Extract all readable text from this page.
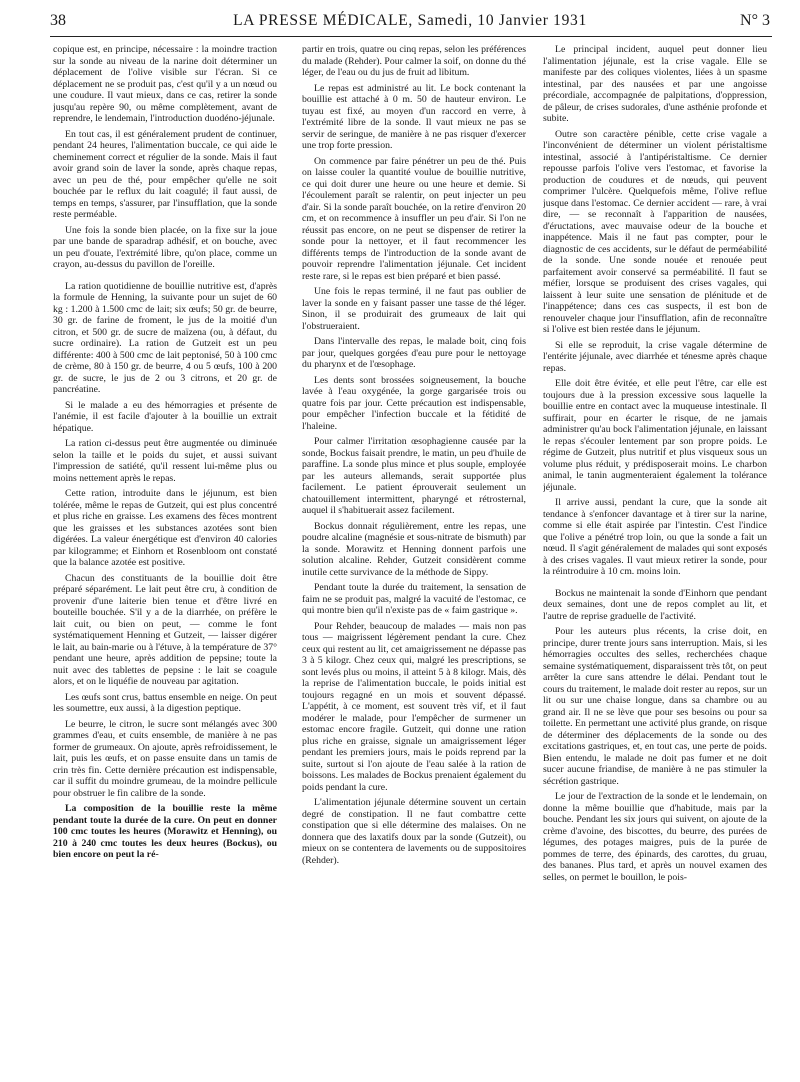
38	LA PRESSE MÉDICALE, Samedi, 10 Janvier 1931	N° 3

copique est, en principe, nécessaire : la moindre traction sur la sonde au niveau de la narine doit déterminer un déplacement de l'olive visible sur l'écran. Si ce déplacement ne se produit pas, c'est qu'il y a un nœud ou une coudure. Il vaut mieux, dans ce cas, retirer la sonde jusqu'au repère 90, ou même complètement, avant de reprendre, le lendemain, l'introduction duodéno-jéjunale.

En tout cas, il est généralement prudent de continuer, pendant 24 heures, l'alimentation buccale, ce qui aide le cheminement correct et régulier de la sonde. Mais il faut avoir grand soin de laver la sonde, après chaque repas, avec un peu de thé, pour empêcher qu'elle ne soit bouchée par le reflux du lait coagulé; il faut aussi, de temps en temps, s'assurer, par l'insufflation, que la sonde reste perméable.

Une fois la sonde bien placée, on la fixe sur la joue par une bande de sparadrap adhésif, et on bouche, avec un peu d'ouate, l'extrémité libre, qu'on place, comme un crayon, au-dessus du pavillon de l'oreille.

La ration quotidienne de bouillie nutritive est, d'après la formule de Henning, la suivante pour un sujet de 60 kg : 1.200 à 1.500 cmc de lait; six œufs; 50 gr. de beurre, 30 gr. de farine de froment, le jus de la moitié d'un citron, et 500 gr. de sucre de maïzena (ou, à défaut, du sucre ordinaire). La ration de Gutzeit est un peu différente: 400 à 500 cmc de lait peptonisé, 50 à 100 cmc de crème, 80 à 150 gr. de beurre, 4 ou 5 œufs, 100 à 200 gr. de sucre, le jus de 2 ou 3 citrons, et 20 gr. de pancréatine.

Si le malade a eu des hémorragies et présente de l'anémie, il est facile d'ajouter à la bouillie un extrait hépatique.

La ration ci-dessus peut être augmentée ou diminuée selon la taille et le poids du sujet, et aussi suivant l'impression de satiété, qu'il ressent lui-même plus ou moins nettement après le repas.

Cette ration, introduite dans le jéjunum, est bien tolérée, même le repas de Gutzeit, qui est plus concentré et plus riche en graisse. Les examens des fèces montrent que les graisses et les substances azotées sont bien digérées. La valeur énergétique est d'environ 40 calories par kilogramme; et Einhorn et Rosenbloom ont constaté que la balance azotée est positive.

Chacun des constituants de la bouillie doit être préparé séparément. Le lait peut être cru, à condition de provenir d'une laiterie bien tenue et d'être livré en bouteille bouchée. S'il y a de la diarrhée, on préfère le lait cuit, ou bien on peut, — comme le font systématiquement Henning et Gutzeit, — laisser digérer le lait, au bain-marie ou à l'étuve, à la température de 37° pendant une heure, après addition de pepsine; toute la nuit avec des tablettes de pepsine : le lait se coagule alors, et on le liquéfie de nouveau par agitation.

Les œufs sont crus, battus ensemble en neige. On peut les soumettre, eux aussi, à la digestion peptique.

Le beurre, le citron, le sucre sont mélangés avec 300 grammes d'eau, et cuits ensemble, de manière à ne pas former de grumeaux. On ajoute, après refroidissement, le lait, puis les œufs, et on passe ensuite dans un tamis de crin très fin. Cette dernière précaution est indispensable, car il suffit du moindre grumeau, de la moindre pellicule pour obstruer le fin calibre de la sonde.

La composition de la bouillie reste la même pendant toute la durée de la cure. On peut en donner 100 cmc toutes les heures (Morawitz et Henning), ou 210 à 240 cmc toutes les deux heures (Bockus), ou bien encore on peut la ré-

partir en trois, quatre ou cinq repas, selon les préférences du malade (Rehder). Pour calmer la soif, on donne du thé léger, de l'eau ou du jus de fruit ad libitum.

Le repas est administré au lit. Le bock contenant la bouillie est attaché à 0 m. 50 de hauteur environ. Le tuyau est fixé, au moyen d'un raccord en verre, à l'extrémité libre de la sonde. Il vaut mieux ne pas se servir de seringue, de manière à ne pas risquer d'exercer une trop forte pression.

On commence par faire pénétrer un peu de thé. Puis on laisse couler la quantité voulue de bouillie nutritive, ce qui doit durer une heure ou une heure et demie. Si l'écoulement paraît se ralentir, on peut injecter un peu d'air. Si la sonde paraît bouchée, on la retire d'environ 20 cm, et on recommence à insuffler un peu d'air. Si l'on ne réussit pas encore, on ne peut se dispenser de retirer la sonde pour la nettoyer, et il faut recommencer les différents temps de l'introduction de la sonde avant de pouvoir reprendre l'alimentation jéjunale. Cet incident reste rare, si le repas est bien préparé et bien passé.

Une fois le repas terminé, il ne faut pas oublier de laver la sonde en y faisant passer une tasse de thé léger. Sinon, il se produirait des grumeaux de lait qui l'obstrueraient.

Dans l'intervalle des repas, le malade boit, cinq fois par jour, quelques gorgées d'eau pure pour le nettoyage du pharynx et de l'œsophage.

Les dents sont brossées soigneusement, la bouche lavée à l'eau oxygénée, la gorge gargarisée trois ou quatre fois par jour. Cette précaution est indispensable, pour empêcher l'infection buccale et la fétidité de l'haleine.

Pour calmer l'irritation œsophagienne causée par la sonde, Bockus faisait prendre, le matin, un peu d'huile de paraffine. La sonde plus mince et plus souple, employée par les auteurs allemands, serait supportée plus facilement. Le patient éprouverait seulement un chatouillement intermittent, pharyngé et rétrosternal, auquel il s'habituerait assez facilement.

Bockus donnait régulièrement, entre les repas, une poudre alcaline (magnésie et sous-nitrate de bismuth) par la sonde. Morawitz et Henning donnent parfois une solution alcaline. Rehder, Gutzeit considèrent comme inutile cette survivance de la méthode de Sippy.

Pendant toute la durée du traitement, la sensation de faim ne se produit pas, malgré la vacuité de l'estomac, ce qui montre bien qu'il n'existe pas de « faim gastrique ».

Pour Rehder, beaucoup de malades — mais non pas tous — maigrissent légèrement pendant la cure. Chez ceux qui restent au lit, cet amaigrissement ne dépasse pas 3 à 5 kilogr. Chez ceux qui, malgré les prescriptions, se sont levés plus ou moins, il atteint 5 à 8 kilogr. Mais, dès la reprise de l'alimentation buccale, le poids initial est toujours regagné en un mois et souvent dépassé. L'appétit, à ce moment, est souvent très vif, et il faut modérer le malade, pour l'empêcher de surmener un estomac encore fragile. Gutzeit, qui donne une ration plus riche en graisse, signale un amaigrissement léger pendant les premiers jours, mais le poids reprend par la suite, surtout si l'on ajoute de l'eau salée à la ration de boissons. Les malades de Bockus prenaient également du poids pendant la cure.

L'alimentation jéjunale détermine souvent un certain degré de constipation. Il ne faut combattre cette constipation que si elle détermine des malaises. On ne donnera que des laxatifs doux par la sonde (Gutzeit), ou mieux on se contentera de lavements ou de suppositoires (Rehder).

Le principal incident, auquel peut donner lieu l'alimentation jéjunale, est la crise vagale. Elle se manifeste par des coliques violentes, liées à un spasme intestinal, par des nausées et par une angoisse précordiale, accompagnée de palpitations, d'oppression, de pâleur, de crises sudorales, d'une asthénie profonde et subite.

Outre son caractère pénible, cette crise vagale a l'inconvénient de déterminer un violent péristaltisme intestinal, associé à l'antipéristaltisme. Ce dernier repousse parfois l'olive vers l'estomac, et favorise la production de coudures et de nœuds, qui peuvent comprimer l'ulcère. Quelquefois même, l'olive reflue jusque dans l'estomac. Ce dernier accident — rare, à vrai dire, — se reconnaît à l'apparition de nausées, d'éructations, avec mauvaise odeur de la bouche et inappétence. Mais il ne faut pas compter, pour le diagnostic de ces accidents, sur le défaut de perméabilité de la sonde. Une sonde nouée et renouée peut parfaitement avoir conservé sa perméabilité. Il faut se méfier, lorsque se produisent des crises vagales, qui laissent à leur suite une sensation de plénitude et de l'inappétence; dans ces cas suspects, il est bon de renouveler chaque jour l'insufflation, afin de reconnaître si l'olive est bien restée dans le jéjunum.

Si elle se reproduit, la crise vagale détermine de l'entérite jéjunale, avec diarrhée et ténesme après chaque repas.

Elle doit être évitée, et elle peut l'être, car elle est toujours due à la pression excessive sous laquelle la bouillie entre en contact avec la muqueuse intestinale. Il suffirait, pour en écarter le risque, de ne jamais administrer qu'au bock l'alimentation jéjunale, en laissant le repas s'écouler lentement par son propre poids. Le régime de Gutzeit, plus nutritif et plus visqueux sous un volume plus réduit, y prédisposerait moins. Le charbon animal, le tanin augmenteraient également la tolérance jéjunale.

Il arrive aussi, pendant la cure, que la sonde ait tendance à s'enfoncer davantage et à tirer sur la narine, comme si elle était aspirée par l'intestin. C'est l'indice que l'olive a pénétré trop loin, ou que la sonde a fait un nœud. Il s'agit généralement de malades qui sont exposés à des crises vagales. Il vaut mieux retirer la sonde, pour la réintroduire à 10 cm. moins loin.

Bockus ne maintenait la sonde d'Einhorn que pendant deux semaines, dont une de repos complet au lit, et l'autre de reprise graduelle de l'activité.

Pour les auteurs plus récents, la crise doit, en principe, durer trente jours sans interruption. Mais, si les hémorragies occultes des selles, recherchées chaque semaine systématiquement, disparaissent très tôt, on peut arrêter la cure sans attendre le délai. Pendant tout le cours du traitement, le malade doit rester au repos, sur un lit ou sur une chaise longue, dans sa chambre ou au grand air. Il ne se lève que pour ses besoins ou pour sa toilette. En permettant une activité plus grande, on risque de déterminer des déplacements de la sonde ou des excitations gastriques, et, en tout cas, une perte de poids. Bien entendu, le malade ne doit pas fumer et ne doit sucer aucune friandise, de manière à ne pas stimuler la sécrétion gastrique.

Le jour de l'extraction de la sonde et le lendemain, on donne la même bouillie que d'habitude, mais par la bouche. Pendant les six jours qui suivent, on ajoute de la crème d'avoine, des biscottes, du beurre, des purées de légumes, des potages maigres, puis de la purée de pommes de terre, des épinards, des carottes, du gruau, des bananes. Plus tard, et après un nouvel examen des selles, on permet le bouillon, le pois-
